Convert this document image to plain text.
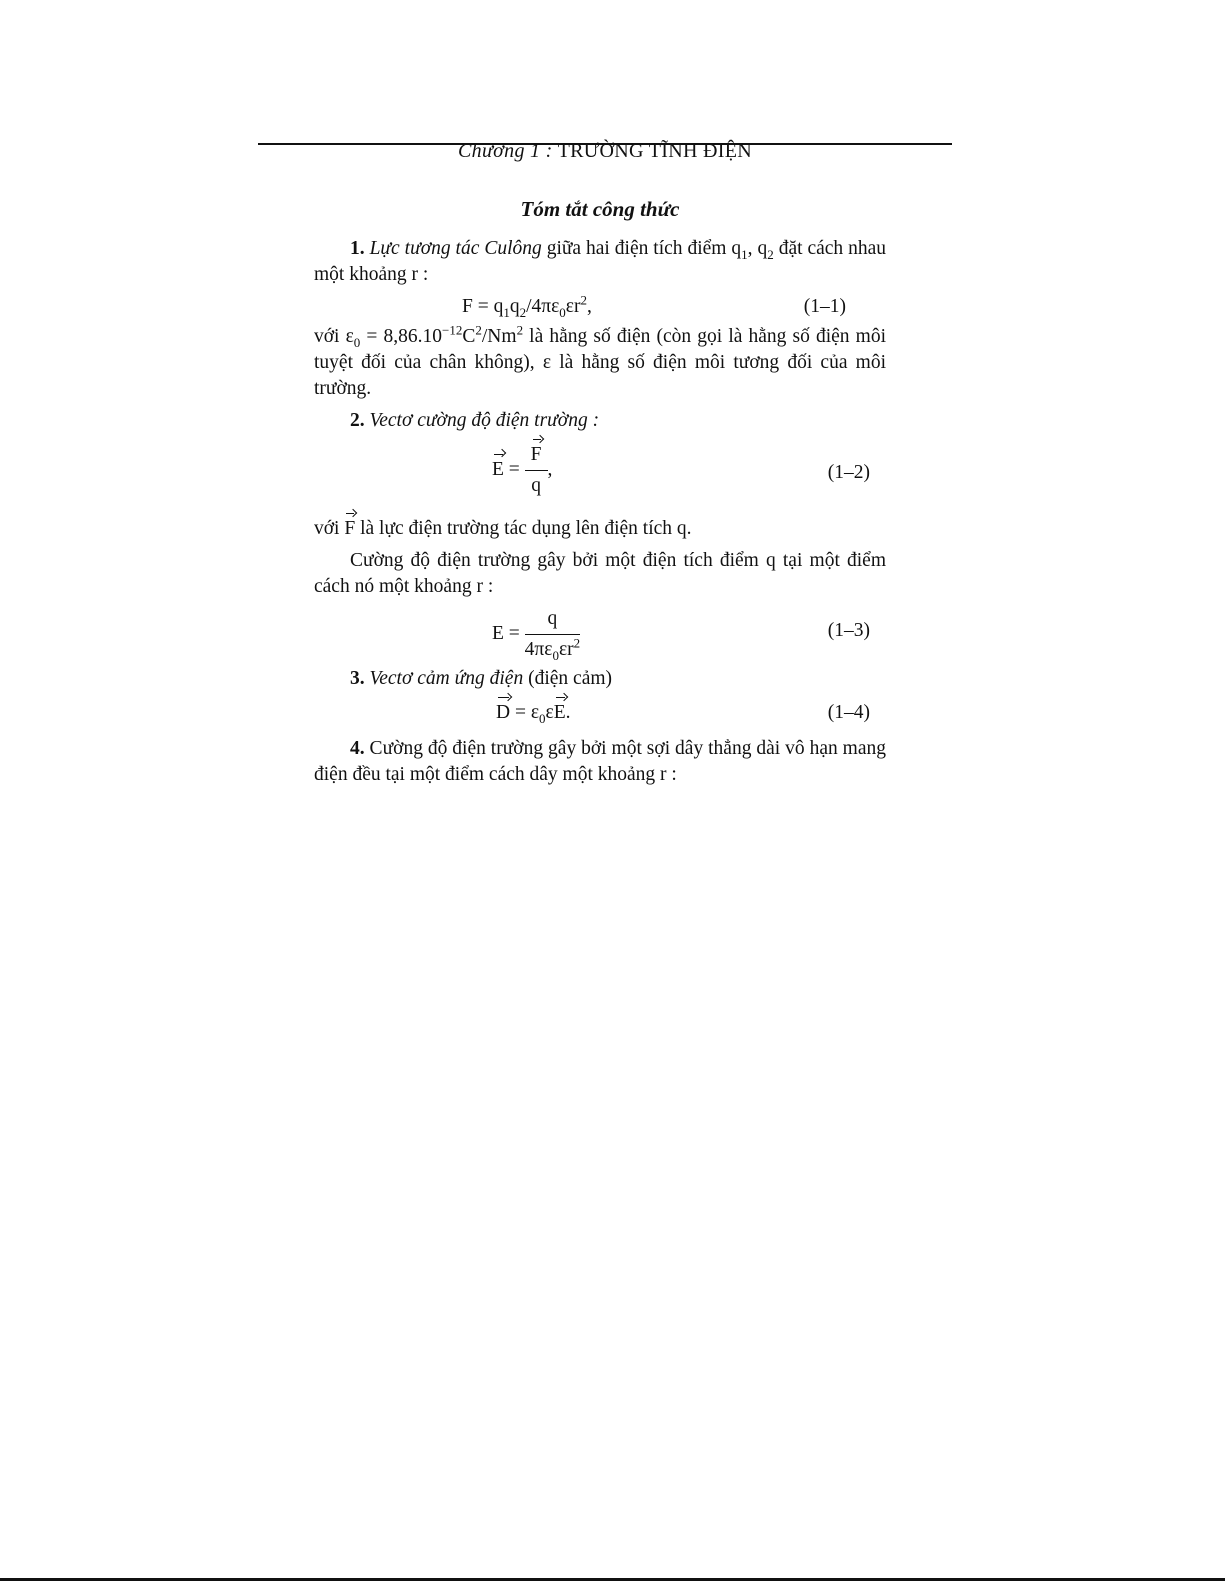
Chương 1 : TRƯỜNG TĨNH ĐIỆN
Tóm tắt công thức

1. Lực tương tác Culông giữa hai điện tích điểm $q_1$, $q_2$ đặt cách nhau một khoảng r :

$F = q_1q_2/4\pi\varepsilon_0\varepsilon r^2$,	(1–1)

với $\varepsilon_0 = 8,86.10^{-12}C^2/Nm^2$ là hằng số điện (còn gọi là hằng số điện môi tuyệt đối của chân không), ε là hằng số điện môi tương đối của môi trường.

2. Vectơ cường độ điện trường :

$E = \frac{F}{q}$ ,	(1–2)

với F là lực điện trường tác dụng lên điện tích q.

Cường độ điện trường gây bởi một điện tích điểm q tại một điểm cách nó một khoảng r :

$E = \frac{q}{4\pi\varepsilon_0\varepsilon r^2}$	(1–3)

3. Vectơ cảm ứng điện (điện cảm)

$D = \varepsilon_0\varepsilon E$.	(1–4)

4. Cường độ điện trường gây bởi một sợi dây thẳng dài vô hạn mang điện đều tại một điểm cách dây một khoảng r :
